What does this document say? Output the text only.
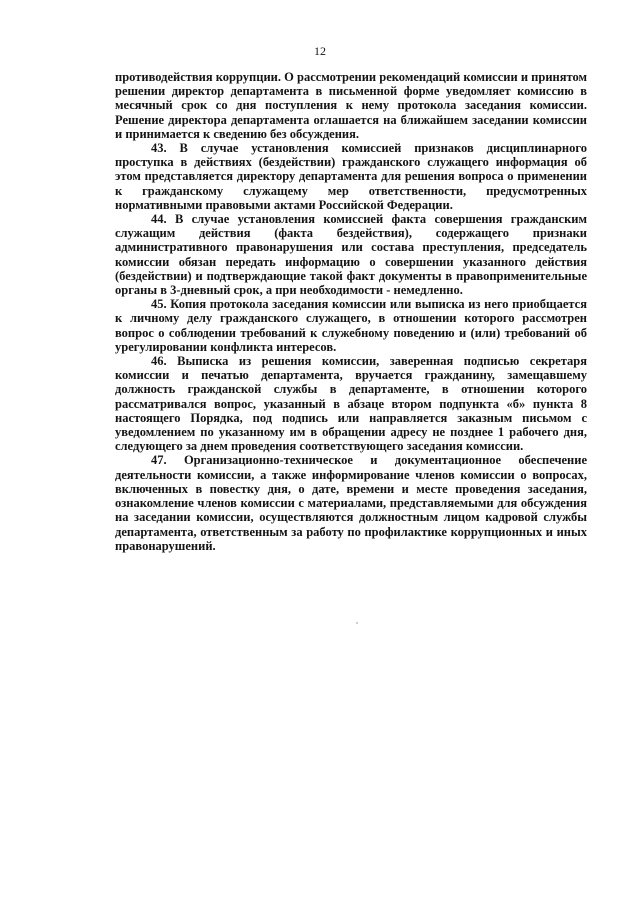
12

противодействия коррупции. О рассмотрении рекомендаций комиссии и принятом решении директор департамента в письменной форме уведомляет комиссию в месячный срок со дня поступления к нему протокола заседания комиссии. Решение директора департамента оглашается на ближайшем заседании комиссии и принимается к сведению без обсуждения.

43. В случае установления комиссией признаков дисциплинарного проступка в действиях (бездействии) гражданского служащего информация об этом представляется директору департамента для решения вопроса о применении к гражданскому служащему мер ответственности, предусмотренных нормативными правовыми актами Российской Федерации.

44. В случае установления комиссией факта совершения гражданским служащим действия (факта бездействия), содержащего признаки административного правонарушения или состава преступления, председатель комиссии обязан передать информацию о совершении указанного действия (бездействии) и подтверждающие такой факт документы в правоприменительные органы в 3-дневный срок, а при необходимости - немедленно.

45. Копия протокола заседания комиссии или выписка из него приобщается к личному делу гражданского служащего, в отношении которого рассмотрен вопрос о соблюдении требований к служебному поведению и (или) требований об урегулировании конфликта интересов.

46. Выписка из решения комиссии, заверенная подписью секретаря комиссии и печатью департамента, вручается гражданину, замещавшему должность гражданской службы в департаменте, в отношении которого рассматривался вопрос, указанный в абзаце втором подпункта «б» пункта 8 настоящего Порядка, под подпись или направляется заказным письмом с уведомлением по указанному им в обращении адресу не позднее 1 рабочего дня, следующего за днем проведения соответствующего заседания комиссии.

47. Организационно-техническое и документационное обеспечение деятельности комиссии, а также информирование членов комиссии о вопросах, включенных в повестку дня, о дате, времени и месте проведения заседания, ознакомление членов комиссии с материалами, представляемыми для обсуждения на заседании комиссии, осуществляются должностным лицом кадровой службы департамента, ответственным за работу по профилактике коррупционных и иных правонарушений.
